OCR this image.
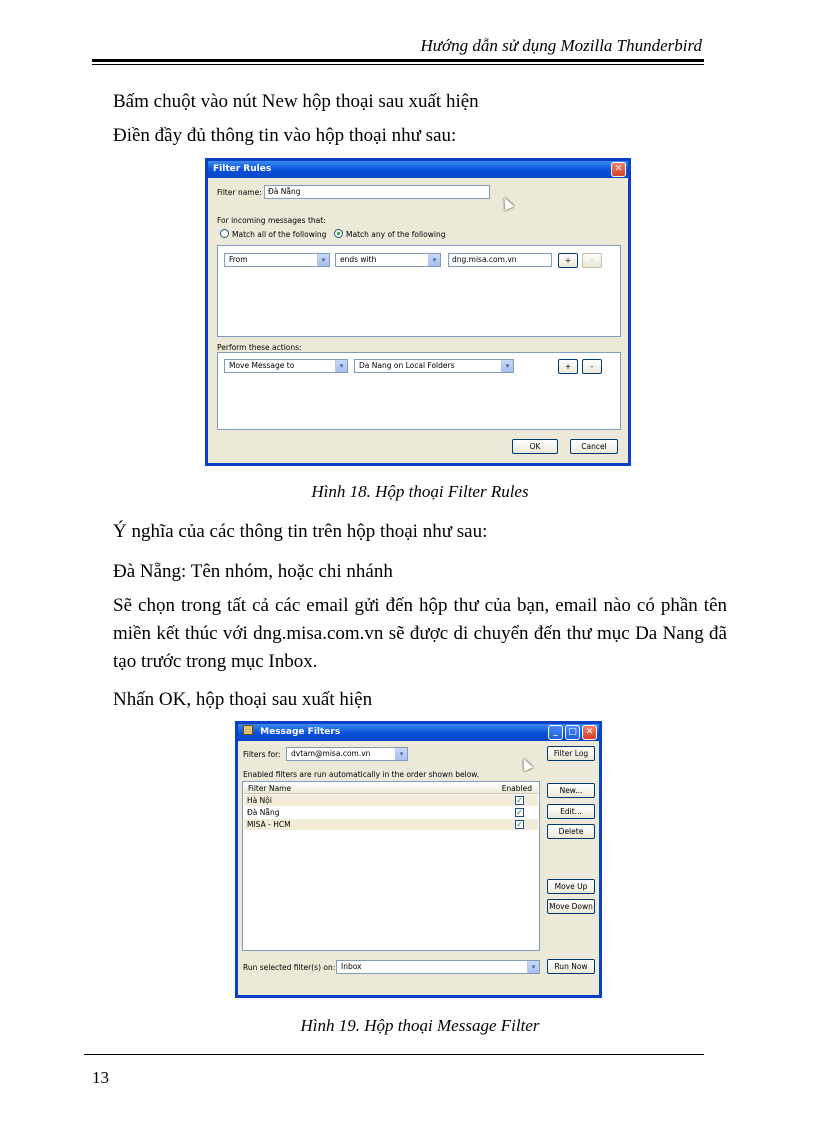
Hướng dẫn sử dụng Mozilla Thunderbird
Bấm chuột vào nút New hộp thoại sau xuất hiện
Điền đầy đủ thông tin vào hộp thoại như sau:
Filter Rules	✕
Filter name: Đà Nẵng
For incoming messages that:
Match all of the following	Match any of the following
From	▾	ends with	▾	dng.misa.com.vn	+	-
Perform these actions:
Move Message to	▾	Da Nang on Local Folders	▾	+	-
OK	Cancel
Hình 18. Hộp thoại Filter Rules
Ý nghĩa của các thông tin trên hộp thoại như sau:
Đà Nẵng: Tên nhóm, hoặc chi nhánh
Sẽ chọn trong tất cả các email gửi đến hộp thư của bạn, email nào có phần tên miền kết thúc với dng.misa.com.vn sẽ được di chuyển đến thư mục Da Nang đã tạo trước trong mục Inbox.
Nhấn OK, hộp thoại sau xuất hiện
Message Filters	_	□ ✕
Filters for:	dvtam@misa.com.vn	▾	Filter Log
Enabled filters are run automatically in the order shown below.
Filter Name	Enabled
Hà Nội	✓
Đà Nẵng	✓
MISA - HCM	✓
New...
Edit...
Delete
Move Up
Move Down
Run selected filter(s) on: Inbox	▾	Run Now
Hình 19. Hộp thoại Message Filter
13
